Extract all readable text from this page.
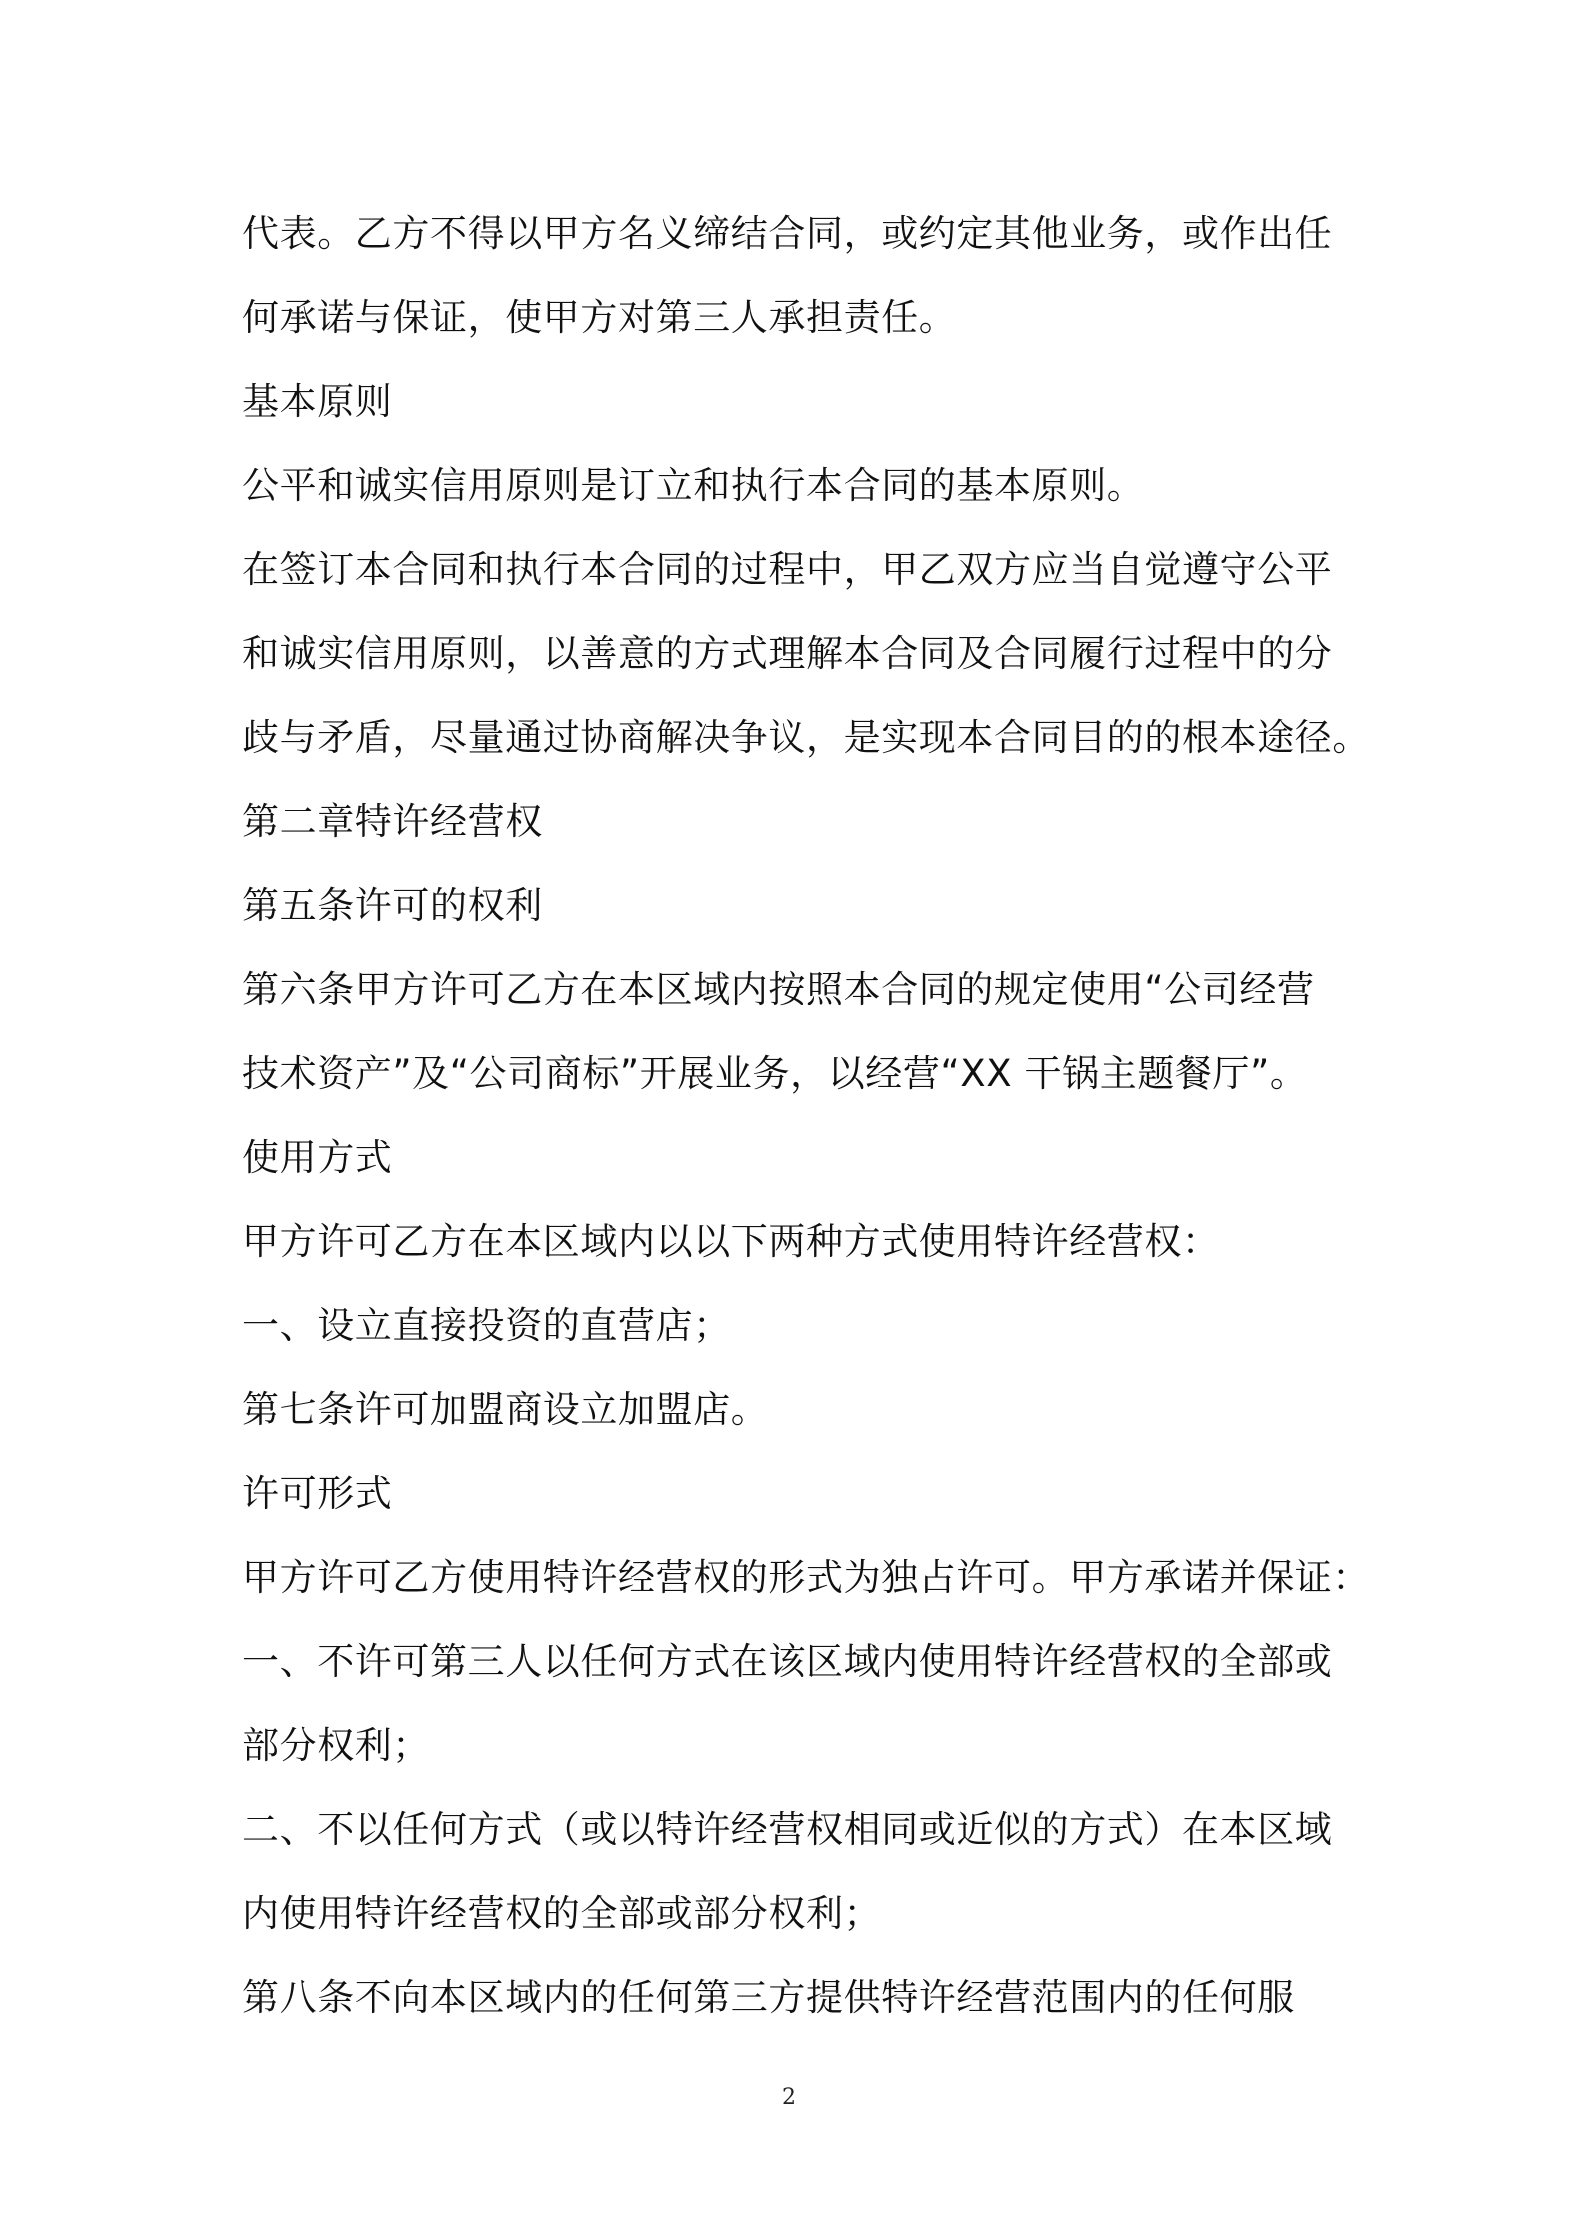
代表。乙方不得以甲方名义缔结合同，或约定其他业务，或作出任
何承诺与保证，使甲方对第三人承担责任。
基本原则
公平和诚实信用原则是订立和执行本合同的基本原则。
在签订本合同和执行本合同的过程中，甲乙双方应当自觉遵守公平
和诚实信用原则，以善意的方式理解本合同及合同履行过程中的分
歧与矛盾，尽量通过协商解决争议，是实现本合同目的的根本途径。
第二章特许经营权
第五条许可的权利
第六条甲方许可乙方在本区域内按照本合同的规定使用“公司经营
技术资产”及“公司商标”开展业务，以经营“XX 干锅主题餐厅”。
使用方式
甲方许可乙方在本区域内以以下两种方式使用特许经营权：
一、设立直接投资的直营店；
第七条许可加盟商设立加盟店。
许可形式
甲方许可乙方使用特许经营权的形式为独占许可。甲方承诺并保证：
一、不许可第三人以任何方式在该区域内使用特许经营权的全部或
部分权利；
二、不以任何方式（或以特许经营权相同或近似的方式）在本区域
内使用特许经营权的全部或部分权利；
第八条不向本区域内的任何第三方提供特许经营范围内的任何服
2
